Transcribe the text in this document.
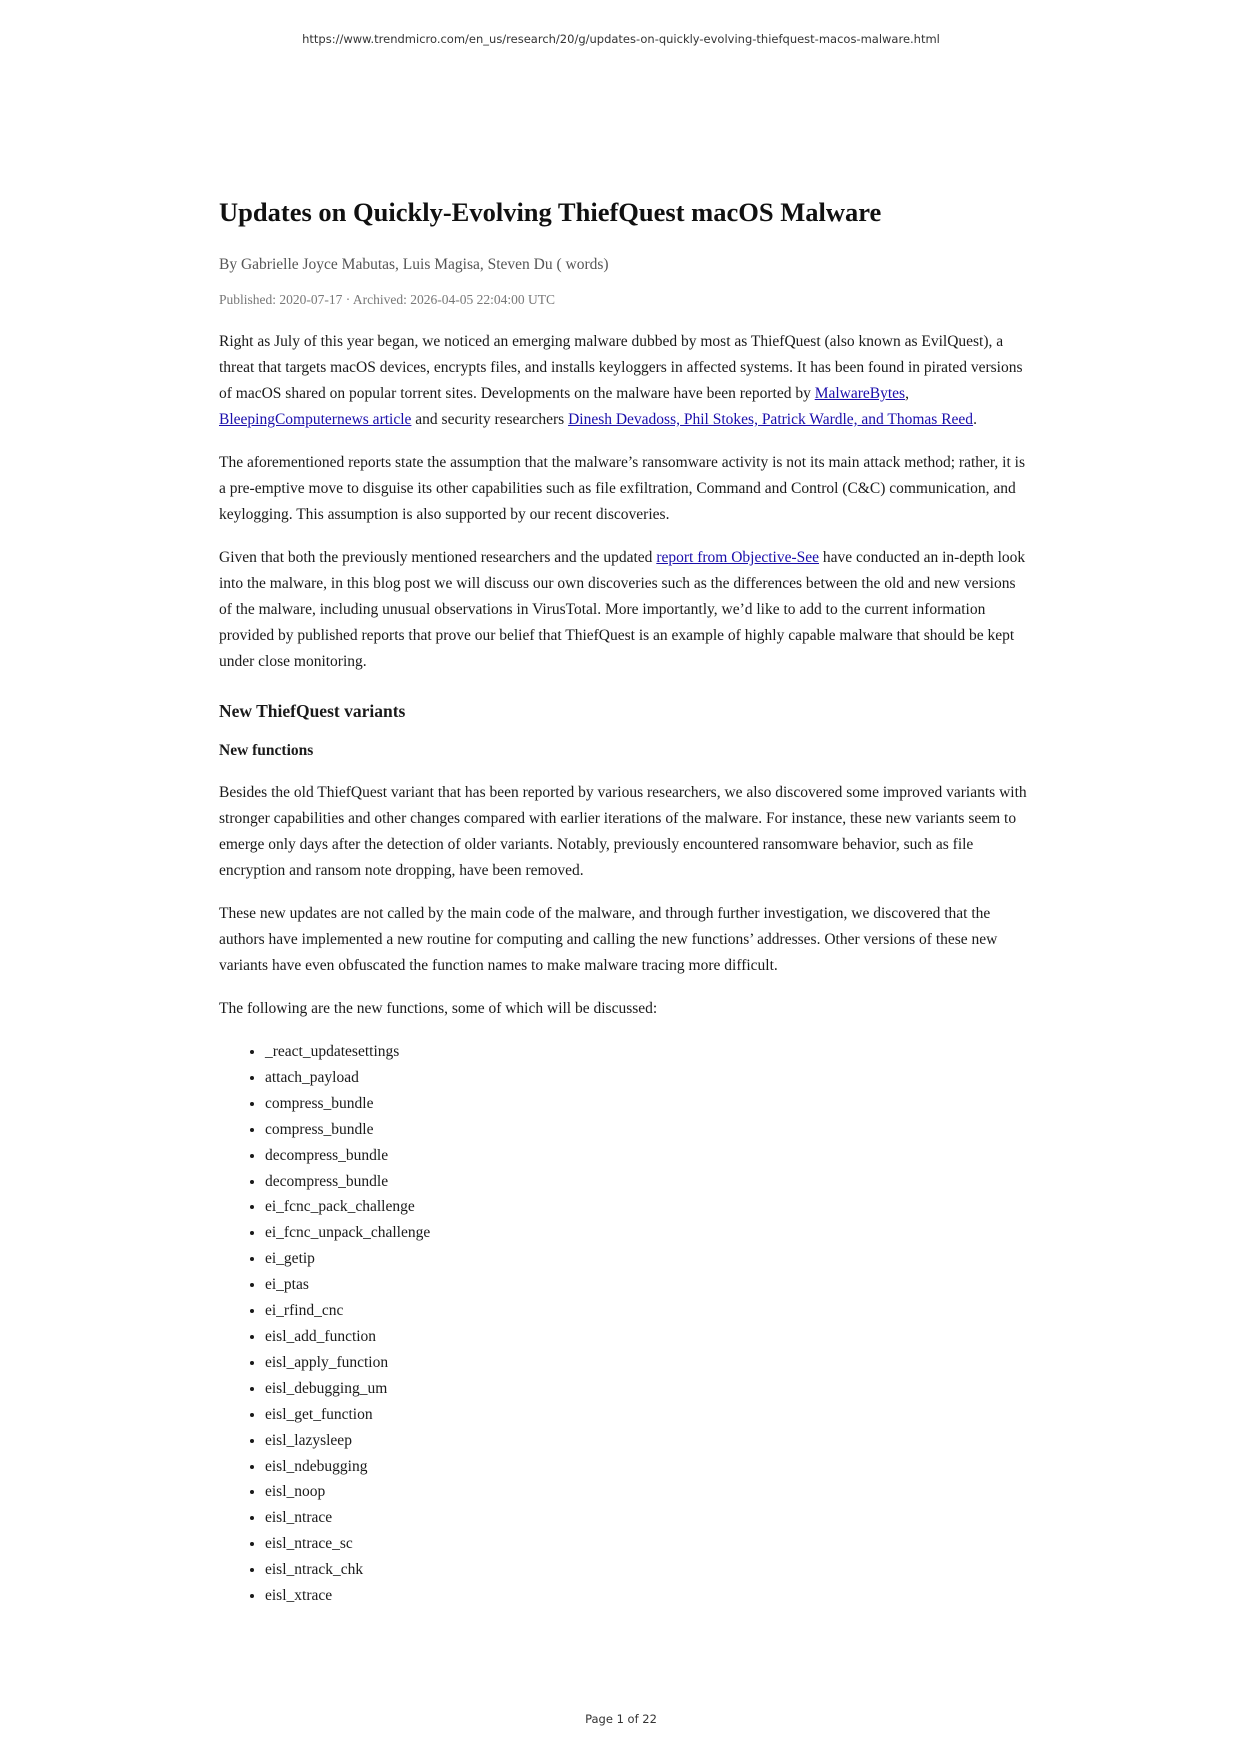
https://www.trendmicro.com/en_us/research/20/g/updates-on-quickly-evolving-thiefquest-macos-malware.html
Updates on Quickly-Evolving ThiefQuest macOS Malware
By Gabrielle Joyce Mabutas, Luis Magisa, Steven Du ( words)
Published: 2020-07-17 · Archived: 2026-04-05 22:04:00 UTC

Right as July of this year began, we noticed an emerging malware dubbed by most as ThiefQuest (also known as EvilQuest), a threat that targets macOS devices, encrypts files, and installs keyloggers in affected systems. It has been found in pirated versions of macOS shared on popular torrent sites. Developments on the malware have been reported by MalwareBytes, BleepingComputernews article and security researchers Dinesh Devadoss, Phil Stokes, Patrick Wardle, and Thomas Reed.

The aforementioned reports state the assumption that the malware’s ransomware activity is not its main attack method; rather, it is a pre-emptive move to disguise its other capabilities such as file exfiltration, Command and Control (C&C) communication, and keylogging. This assumption is also supported by our recent discoveries.

Given that both the previously mentioned researchers and the updated report from Objective-See have conducted an in-depth look into the malware, in this blog post we will discuss our own discoveries such as the differences between the old and new versions of the malware, including unusual observations in VirusTotal. More importantly, we’d like to add to the current information provided by published reports that prove our belief that ThiefQuest is an example of highly capable malware that should be kept under close monitoring.

New ThiefQuest variants
New functions

Besides the old ThiefQuest variant that has been reported by various researchers, we also discovered some improved variants with stronger capabilities and other changes compared with earlier iterations of the malware. For instance, these new variants seem to emerge only days after the detection of older variants. Notably, previously encountered ransomware behavior, such as file encryption and ransom note dropping, have been removed.

These new updates are not called by the main code of the malware, and through further investigation, we discovered that the authors have implemented a new routine for computing and calling the new functions’ addresses. Other versions of these new variants have even obfuscated the function names to make malware tracing more difficult.

The following are the new functions, some of which will be discussed:

• _react_updatesettings
• attach_payload
• compress_bundle
• compress_bundle
• decompress_bundle
• decompress_bundle
• ei_fcnc_pack_challenge
• ei_fcnc_unpack_challenge
• ei_getip
• ei_ptas
• ei_rfind_cnc
• eisl_add_function
• eisl_apply_function
• eisl_debugging_um
• eisl_get_function
• eisl_lazysleep
• eisl_ndebugging
• eisl_noop
• eisl_ntrace
• eisl_ntrace_sc
• eisl_ntrack_chk
• eisl_xtrace
Page 1 of 22
